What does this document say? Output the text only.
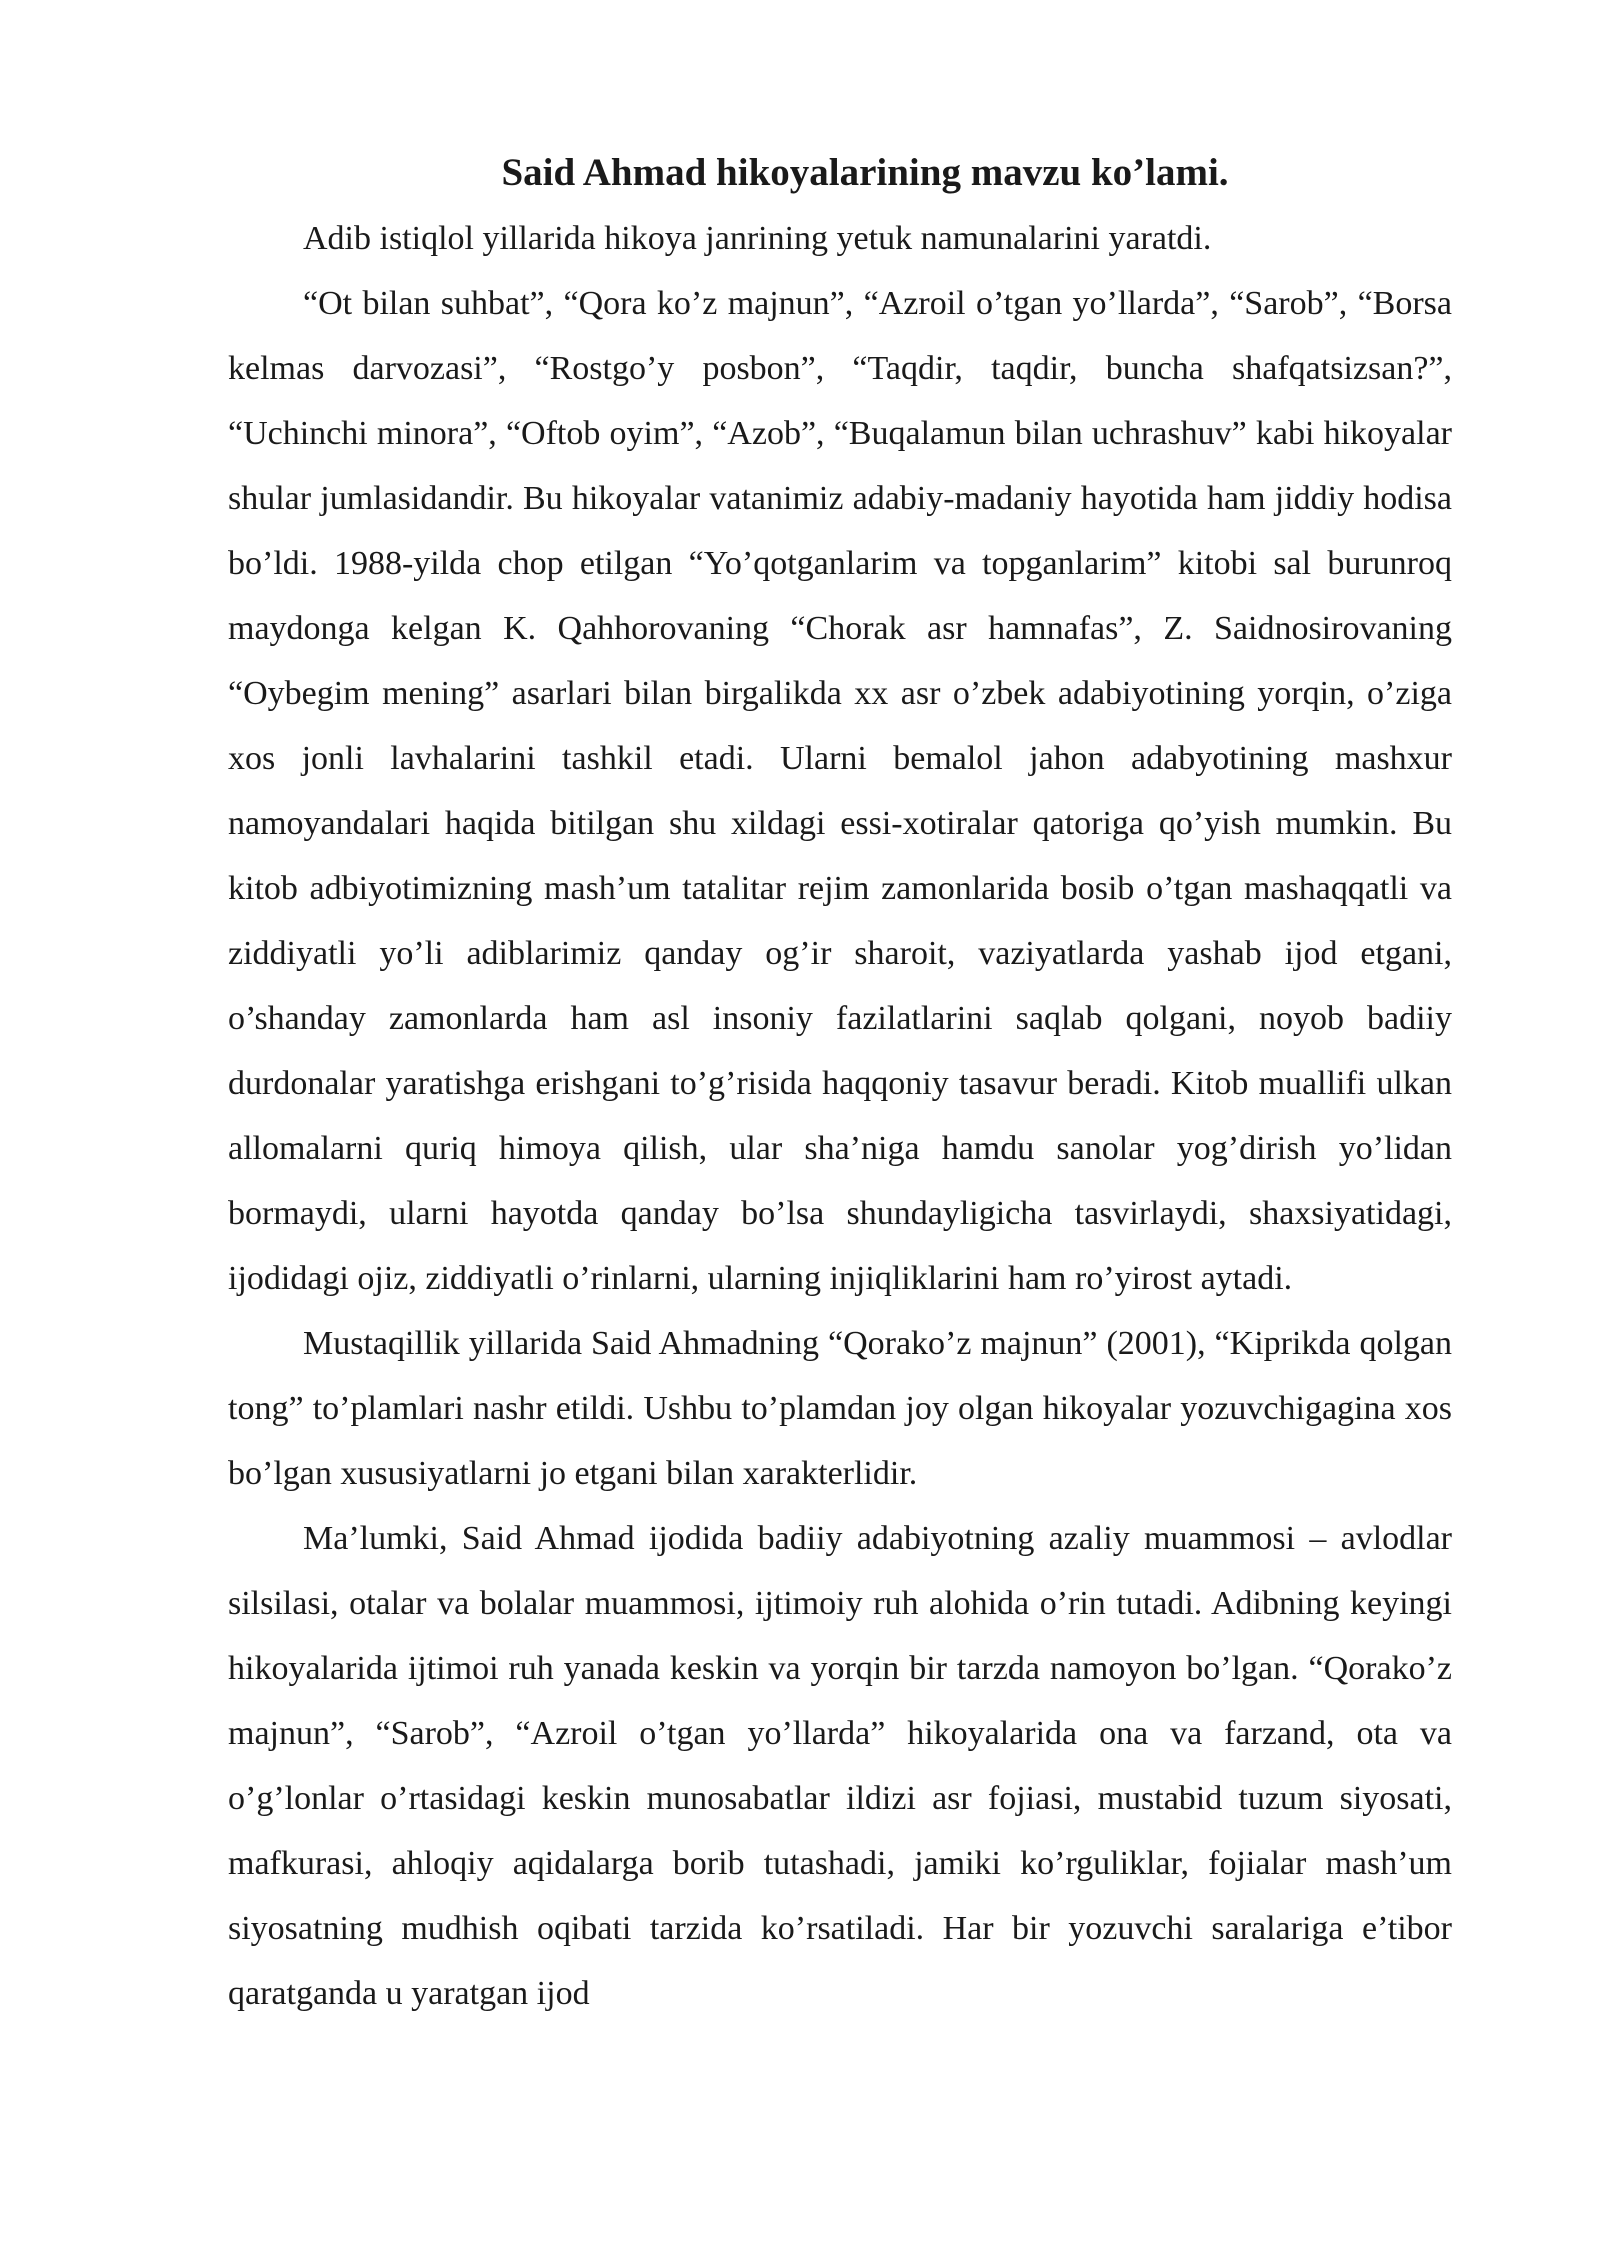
Said Ahmad hikoyalarining mavzu ko’lami.

Adib istiqlol yillarida hikoya janrining yetuk namunalarini yaratdi.

“Ot bilan suhbat”, “Qora ko’z majnun”, “Azroil o’tgan yo’llarda”, “Sarob”, “Borsa kelmas darvozasi”, “Rostgo’y posbon”, “Taqdir, taqdir, buncha shafqatsizsan?”, “Uchinchi minora”, “Oftob oyim”, “Azob”, “Buqalamun bilan uchrashuv” kabi hikoyalar shular jumlasidandir. Bu hikoyalar vatanimiz adabiy-madaniy hayotida ham jiddiy hodisa bo’ldi. 1988-yilda chop etilgan “Yo’qotganlarim va topganlarim” kitobi sal burunroq maydonga kelgan K. Qahhorovaning “Chorak asr hamnafas”, Z. Saidnosirovaning “Oybegim mening” asarlari bilan birgalikda xx asr o’zbek adabiyotining yorqin, o’ziga xos jonli lavhalarini tashkil etadi. Ularni bemalol jahon adabyotining mashxur namoyandalari haqida bitilgan shu xildagi essi-xotiralar qatoriga qo’yish mumkin. Bu kitob adbiyotimizning mash’um tatalitar rejim zamonlarida bosib o’tgan mashaqqatli va ziddiyatli yo’li adiblarimiz qanday og’ir sharoit, vaziyatlarda yashab ijod etgani, o’shanday zamonlarda ham asl insoniy fazilatlarini saqlab qolgani, noyob badiiy durdonalar yaratishga erishgani to’g’risida haqqoniy tasavur beradi. Kitob muallifi ulkan allomalarni quriq himoya qilish, ular sha’niga hamdu sanolar yog’dirish yo’lidan bormaydi, ularni hayotda qanday bo’lsa shundayligicha tasvirlaydi, shaxsiyatidagi, ijodidagi ojiz, ziddiyatli o’rinlarni, ularning injiqliklarini ham ro’yirost aytadi.

Mustaqillik yillarida Said Ahmadning “Qorako’z majnun” (2001), “Kiprikda qolgan tong” to’plamlari nashr etildi. Ushbu to’plamdan joy olgan hikoyalar yozuvchigagina xos bo’lgan xususiyatlarni jo etgani bilan xarakterlidir.

Ma’lumki, Said Ahmad ijodida badiiy adabiyotning azaliy muammosi – avlodlar silsilasi, otalar va bolalar muammosi, ijtimoiy ruh alohida o’rin tutadi. Adibning keyingi hikoyalarida ijtimoi ruh yanada keskin va yorqin bir tarzda namoyon bo’lgan. “Qorako’z majnun”, “Sarob”, “Azroil o’tgan yo’llarda” hikoyalarida ona va farzand, ota va o’g’lonlar o’rtasidagi keskin munosabatlar ildizi asr fojiasi, mustabid tuzum siyosati, mafkurasi, ahloqiy aqidalarga borib tutashadi, jamiki ko’rguliklar, fojialar mash’um siyosatning mudhish oqibati tarzida ko’rsatiladi. Har bir yozuvchi saralariga e’tibor qaratganda u yaratgan ijod
